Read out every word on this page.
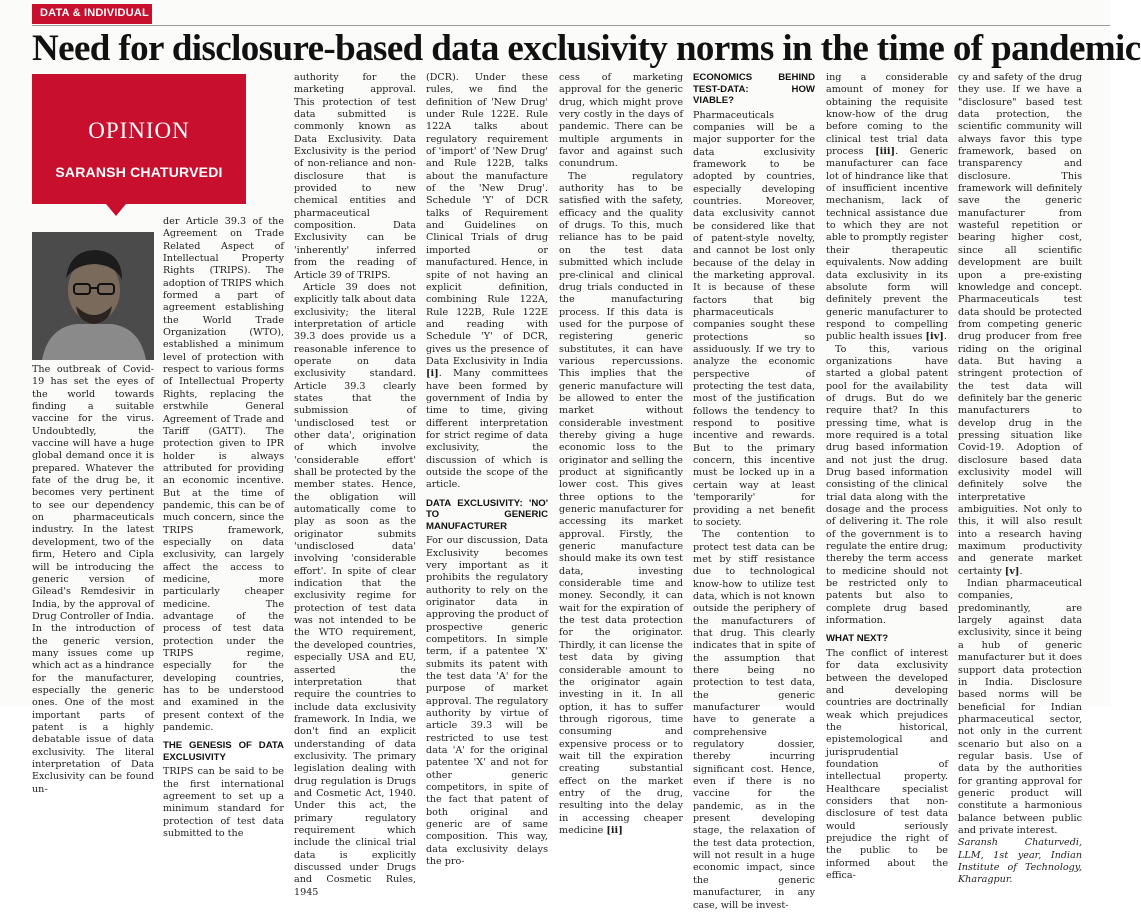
DATA & INDIVIDUAL
Need for disclosure-based data exclusivity norms in the time of pandemic
OPINION
SARANSH CHATURVEDI

The outbreak of Covid-19 has set the eyes of the world towards finding a suitable vaccine for the virus. Undoubtedly, the vaccine will have a huge global demand once it is prepared. Whatever the fate of the drug be, it becomes very pertinent to see our dependency on pharmaceuticals industry. In the latest development, two of the firm, Hetero and Cipla will be introducing the generic version of Gilead's Remdesivir in India, by the approval of Drug Controller of India. In the introduction of the generic version, many issues come up which act as a hindrance for the manufacturer, especially the generic ones. One of the most important parts of patent is a highly debatable issue of data exclusivity. The literal interpretation of Data Exclusivity can be found un-

der Article 39.3 of the Agreement on Trade Related Aspect of Intellectual Property Rights (TRIPS). The adoption of TRIPS which formed a part of agreement establishing the World Trade Organization (WTO), established a minimum level of protection with respect to various forms of Intellectual Property Rights, replacing the erstwhile General Agreement of Trade and Tariff (GATT). The protection given to IPR holder is always attributed for providing an economic incentive. But at the time of pandemic, this can be of much concern, since the TRIPS framework, especially on data exclusivity, can largely affect the access to medicine, more particularly cheaper medicine. The advantage of the process of test data protection under the TRIPS regime, especially for the developing countries, has to be understood and examined in the present context of the pandemic.

THE GENESIS OF DATA EXCLUSIVITY

TRIPS can be said to be the first international agreement to set up a minimum standard for protection of test data submitted to the

authority for the marketing approval. This protection of test data submitted is commonly known as Data Exclusivity. Data Exclusivity is the period of non-reliance and non-disclosure that is provided to new chemical entities and pharmaceutical composition. Data Exclusivity can be 'inherently' inferred from the reading of Article 39 of TRIPS.

Article 39 does not explicitly talk about data exclusivity; the literal interpretation of article 39.3 does provide us a reasonable inference to operate on data exclusivity standard. Article 39.3 clearly states that the submission of 'undisclosed test or other data', origination of which involve 'considerable effort' shall be protected by the member states. Hence, the obligation will automatically come to play as soon as the originator submits 'undisclosed data' involving 'considerable effort'. In spite of clear indication that the exclusivity regime for protection of test data was not intended to be the WTO requirement, the developed countries, especially USA and EU, asserted the interpretation that require the countries to include data exclusivity framework. In India, we don't find an explicit understanding of data exclusivity. The primary legislation dealing with drug regulation is Drugs and Cosmetic Act, 1940. Under this act, the primary regulatory requirement which include the clinical trial data is explicitly discussed under Drugs and Cosmetic Rules, 1945

(DCR). Under these rules, we find the definition of 'New Drug' under Rule 122E. Rule 122A talks about regulatory requirement of 'import' of 'New Drug' and Rule 122B, talks about the manufacture of the 'New Drug'. Schedule 'Y' of DCR talks of Requirement and Guidelines on Clinical Trials of drug imported or manufactured. Hence, in spite of not having an explicit definition, combining Rule 122A, Rule 122B, Rule 122E and reading with Schedule 'Y' of DCR, gives us the presence of Data Exclusivity in India [i]. Many committees have been formed by government of India by time to time, giving different interpretation for strict regime of data exclusivity, the discussion of which is outside the scope of the article.

DATA EXCLUSIVITY: 'NO' TO GENERIC MANUFACTURER

For our discussion, Data Exclusivity becomes very important as it prohibits the regulatory authority to rely on the originator data in approving the product of prospective generic competitors. In simple term, if a patentee 'X' submits its patent with the test data 'A' for the purpose of market approval. The regulatory authority by virtue of article 39.3 will be restricted to use test data 'A' for the original patentee 'X' and not for other generic competitors, in spite of the fact that patent of both original and generic are of same composition. This way, data exclusivity delays the pro-

cess of marketing approval for the generic drug, which might prove very costly in the days of pandemic. There can be multiple arguments in favor and against such conundrum.

The regulatory authority has to be satisfied with the safety, efficacy and the quality of drugs. To this, much reliance has to be paid on the test data submitted which include pre-clinical and clinical drug trials conducted in the manufacturing process. If this data is used for the purpose of registering generic substitutes, it can have various repercussions. This implies that the generic manufacture will be allowed to enter the market without considerable investment thereby giving a huge economic loss to the originator and selling the product at significantly lower cost. This gives three options to the generic manufacturer for accessing its market approval. Firstly, the generic manufacture should make its own test data, investing considerable time and money. Secondly, it can wait for the expiration of the test data protection for the originator. Thirdly, it can license the test data by giving considerable amount to the originator again investing in it. In all option, it has to suffer through rigorous, time consuming and expensive process or to wait till the expiration creating substantial effect on the market entry of the drug, resulting into the delay in accessing cheaper medicine [ii]

ECONOMICS BEHIND TEST-DATA: HOW VIABLE?

Pharmaceuticals companies will be a major supporter for the data exclusivity framework to be adopted by countries, especially developing countries. Moreover, data exclusivity cannot be considered like that of patent-style novelty, and cannot be lost only because of the delay in the marketing approval. It is because of these factors that big pharmaceuticals companies sought these protections so assiduously. If we try to analyze the economic perspective of protecting the test data, most of the justification follows the tendency to respond to positive incentive and rewards. But to the primary concern, this incentive must be locked up in a certain way at least 'temporarily' for providing a net benefit to society.

The contention to protect test data can be met by stiff resistance due to technological know-how to utilize test data, which is not known outside the periphery of the manufacturers of that drug. This clearly indicates that in spite of the assumption that there being no protection to test data, the generic manufacturer would have to generate a comprehensive regulatory dossier, thereby incurring significant cost. Hence, even if there is no vaccine for the pandemic, as in the present developing stage, the relaxation of the test data protection, will not result in a huge economic impact, since the generic manufacturer, in any case, will be invest-

ing a considerable amount of money for obtaining the requisite know-how of the drug before coming to the clinical test trial data process [iii]. Generic manufacturer can face lot of hindrance like that of insufficient incentive mechanism, lack of technical assistance due to which they are not able to promptly register their therapeutic equivalents. Now adding data exclusivity in its absolute form will definitely prevent the generic manufacturer to respond to compelling public health issues [iv].

To this, various organizations have started a global patent pool for the availability of drugs. But do we require that? In this pressing time, what is more required is a total drug based information and not just the drug. Drug based information consisting of the clinical trial data along with the dosage and the process of delivering it. The role of the government is to regulate the entire drug; thereby the term access to medicine should not be restricted only to patents but also to complete drug based information.

WHAT NEXT?

The conflict of interest for data exclusivity between the developed and developing countries are doctrinally weak which prejudices the historical, epistemological and jurisprudential foundation of intellectual property. Healthcare specialist considers that non-disclosure of test data would seriously prejudice the right of the public to be informed about the effica-

cy and safety of the drug they use. If we have a "disclosure" based test data protection, the scientific community will always favor this type framework, based on transparency and disclosure. This framework will definitely save the generic manufacturer from wasteful repetition or bearing higher cost, since all scientific development are built upon a pre-existing knowledge and concept. Pharmaceuticals test data should be protected from competing generic drug producer from free riding on the original data. But having a stringent protection of the test data will definitely bar the generic manufacturers to develop drug in the pressing situation like Covid-19. Adoption of disclosure based data exclusivity model will definitely solve the interpretative ambiguities. Not only to this, it will also result into a research having maximum productivity and generate market certainty [v].

Indian pharmaceutical companies, predominantly, are largely against data exclusivity, since it being a hub of generic manufacturer but it does support data protection in India. Disclosure based norms will be beneficial for Indian pharmaceutical sector, not only in the current scenario but also on a regular basis. Use of data by the authorities for granting approval for generic product will constitute a harmonious balance between public and private interest.

Saransh Chaturvedi, LLM, 1st year, Indian Institute of Technology, Kharagpur.
